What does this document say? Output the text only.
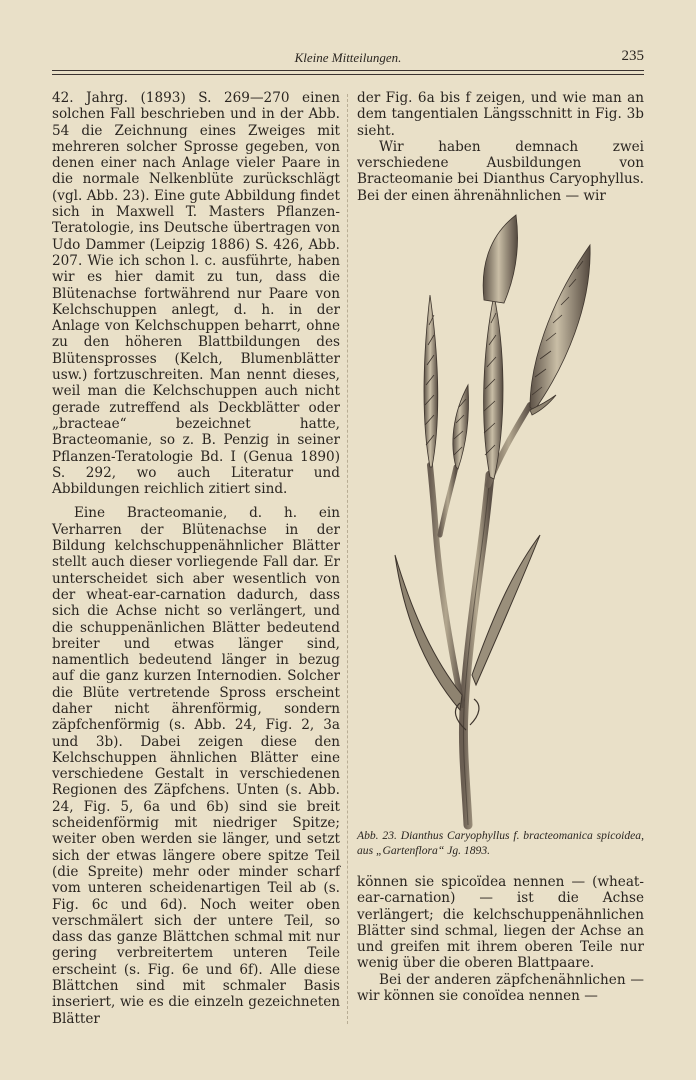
Kleine Mitteilungen.	235

42. Jahrg. (1893) S. 269—270 einen solchen Fall beschrieben und in der Abb. 54 die Zeichnung eines Zweiges mit mehreren solcher Sprosse gegeben, von denen einer nach Anlage vieler Paare in die normale Nelkenblüte zurückschlägt (vgl. Abb. 23). Eine gute Abbildung findet sich in Maxwell T. Masters Pflanzen-Teratologie, ins Deutsche übertragen von Udo Dammer (Leipzig 1886) S. 426, Abb. 207. Wie ich schon l. c. ausführte, haben wir es hier damit zu tun, dass die Blütenachse fortwährend nur Paare von Kelchschuppen anlegt, d. h. in der Anlage von Kelchschuppen beharrt, ohne zu den höheren Blattbildungen des Blütensprosses (Kelch, Blumenblätter usw.) fortzuschreiten. Man nennt dieses, weil man die Kelchschuppen auch nicht gerade zutreffend als Deckblätter oder „bracteae“ bezeichnet hatte, Bracteomanie, so z. B. Penzig in seiner Pflanzen-Teratologie Bd. I (Genua 1890) S. 292, wo auch Literatur und Abbildungen reichlich zitiert sind.

Eine Bracteomanie, d. h. ein Verharren der Blütenachse in der Bildung kelchschuppenähnlicher Blätter stellt auch dieser vorliegende Fall dar. Er unterscheidet sich aber wesentlich von der wheat-ear-carnation dadurch, dass sich die Achse nicht so verlängert, und die schuppenänlichen Blätter bedeutend breiter und etwas länger sind, namentlich bedeutend länger in bezug auf die ganz kurzen Internodien. Solcher die Blüte vertretende Spross erscheint daher nicht ährenförmig, sondern zäpfchenförmig (s. Abb. 24, Fig. 2, 3a und 3b). Dabei zeigen diese den Kelchschuppen ähnlichen Blätter eine verschiedene Gestalt in verschiedenen Regionen des Zäpfchens. Unten (s. Abb. 24, Fig. 5, 6a und 6b) sind sie breit scheidenförmig mit niedriger Spitze; weiter oben werden sie länger, und setzt sich der etwas längere obere spitze Teil (die Spreite) mehr oder minder scharf vom unteren scheidenartigen Teil ab (s. Fig. 6c und 6d). Noch weiter oben verschmälert sich der untere Teil, so dass das ganze Blättchen schmal mit nur gering verbreitertem unteren Teile erscheint (s. Fig. 6e und 6f). Alle diese Blättchen sind mit schmaler Basis inseriert, wie es die einzeln gezeichneten Blätter

der Fig. 6a bis f zeigen, und wie man an dem tangentialen Längsschnitt in Fig. 3b sieht.

Wir haben demnach zwei verschiedene Ausbildungen von Bracteomanie bei Dianthus Caryophyllus. Bei der einen ährenähnlichen — wir

Abb. 23. Dianthus Caryophyllus f. bracteomanica spicoidea, aus „Gartenflora“ Jg. 1893.

können sie spicoïdea nennen — (wheat-ear-carnation) — ist die Achse verlängert; die kelchschuppenähnlichen Blätter sind schmal, liegen der Achse an und greifen mit ihrem oberen Teile nur wenig über die oberen Blattpaare.

Bei der anderen zäpfchenähnlichen — wir können sie conoïdea nennen —
